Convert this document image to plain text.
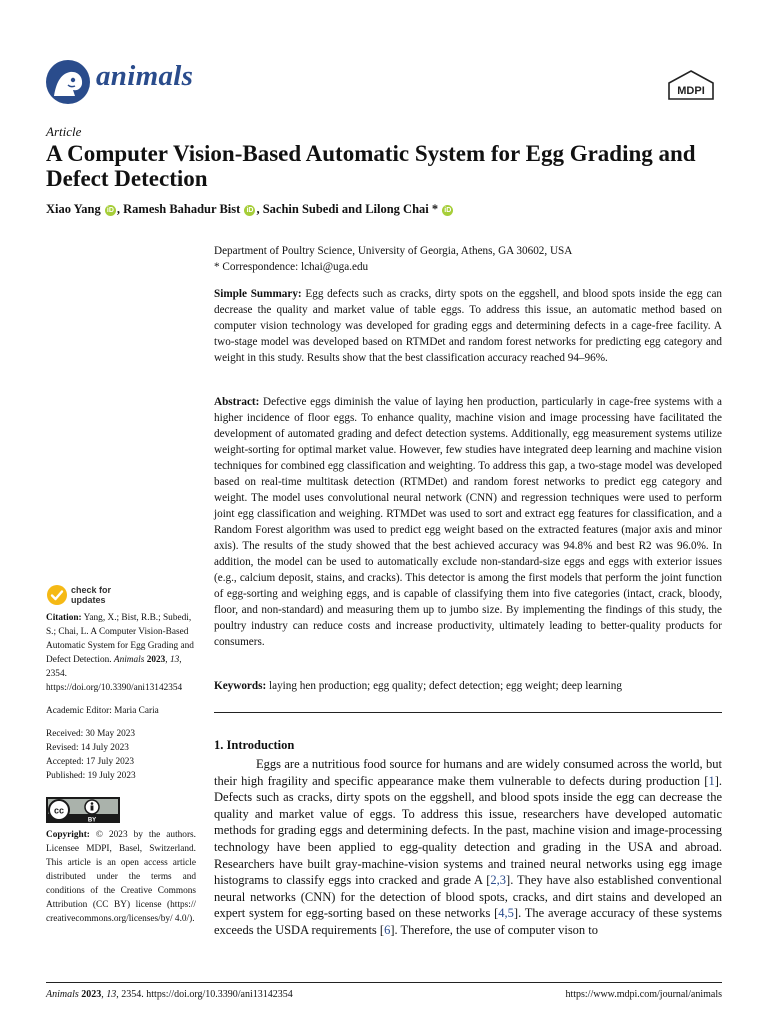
animals	MDPI
Article
A Computer Vision-Based Automatic System for Egg Grading and Defect Detection
Xiao Yang iD , Ramesh Bahadur Bist iD , Sachin Subedi and Lilong Chai * iD
Department of Poultry Science, University of Georgia, Athens, GA 30602, USA
* Correspondence: lchai@uga.edu
Simple Summary: Egg defects such as cracks, dirty spots on the eggshell, and blood spots inside the egg can decrease the quality and market value of table eggs. To address this issue, an automatic method based on computer vision technology was developed for grading eggs and determining defects in a cage-free facility. A two-stage model was developed based on RTMDet and random forest networks for predicting egg category and weight in this study. Results show that the best classification accuracy reached 94–96%.
Abstract: Defective eggs diminish the value of laying hen production, particularly in cage-free systems with a higher incidence of floor eggs. To enhance quality, machine vision and image processing have facilitated the development of automated grading and defect detection systems. Additionally, egg measurement systems utilize weight-sorting for optimal market value. However, few studies have integrated deep learning and machine vision techniques for combined egg classification and weighting. To address this gap, a two-stage model was developed based on real-time multitask detection (RTMDet) and random forest networks to predict egg category and weight. The model uses convolutional neural network (CNN) and regression techniques were used to perform joint egg classification and weighing. RTMDet was used to sort and extract egg features for classification, and a Random Forest algorithm was used to predict egg weight based on the extracted features (major axis and minor axis). The results of the study showed that the best achieved accuracy was 94.8% and best R2 was 96.0%. In addition, the model can be used to automatically exclude non-standard-size eggs and eggs with exterior issues (e.g., calcium deposit, stains, and cracks). This detector is among the first models that perform the joint function of egg-sorting and weighing eggs, and is capable of classifying them into five categories (intact, crack, bloody, floor, and non-standard) and measuring them up to jumbo size. By implementing the findings of this study, the poultry industry can reduce costs and increase productivity, ultimately leading to better-quality products for consumers.
Keywords: laying hen production; egg quality; defect detection; egg weight; deep learning
1. Introduction
Eggs are a nutritious food source for humans and are widely consumed across the world, but their high fragility and specific appearance make them vulnerable to defects during production [1]. Defects such as cracks, dirty spots on the eggshell, and blood spots inside the egg can decrease the quality and market value of eggs. To address this issue, researchers have developed automatic methods for grading eggs and determining defects. In the past, machine vision and image-processing technology have been applied to egg-quality detection and grading in the USA and abroad. Researchers have built gray-machine-vision systems and trained neural networks using egg image histograms to classify eggs into cracked and grade A [2,3]. They have also established conventional neural networks (CNN) for the detection of blood spots, cracks, and dirt stains and developed an expert system for egg-sorting based on these networks [4,5]. The average accuracy of these systems exceeds the USDA requirements [6]. Therefore, the use of computer vison to
check for
updates
Citation: Yang, X.; Bist, R.B.; Subedi, S.; Chai, L. A Computer Vision-Based Automatic System for Egg Grading and Defect Detection. Animals 2023, 13, 2354. https://doi.org/10.3390/ani13142354
Academic Editor: Maria Caria
Received: 30 May 2023
Revised: 14 July 2023
Accepted: 17 July 2023
Published: 19 July 2023
cc
BY
Copyright: © 2023 by the authors. Licensee MDPI, Basel, Switzerland. This article is an open access article distributed under the terms and conditions of the Creative Commons Attribution (CC BY) license (https:// creativecommons.org/licenses/by/ 4.0/).
Animals 2023, 13, 2354. https://doi.org/10.3390/ani13142354	https://www.mdpi.com/journal/animals
